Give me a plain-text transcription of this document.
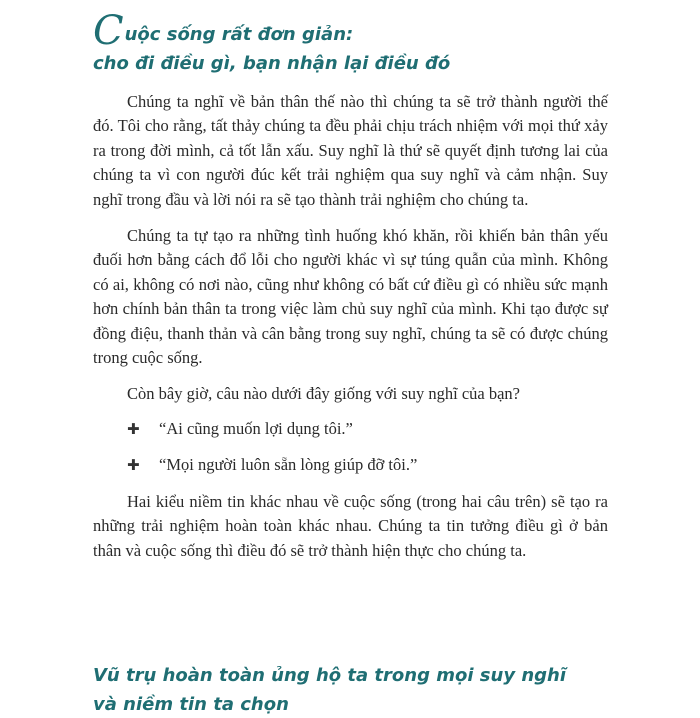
C uộc sống rất đơn giản:
cho đi điều gì, bạn nhận lại điều đó

Chúng ta nghĩ về bản thân thế nào thì chúng ta sẽ trở thành người thế đó. Tôi cho rằng, tất thảy chúng ta đều phải chịu trách nhiệm với mọi thứ xảy ra trong đời mình, cả tốt lẫn xấu. Suy nghĩ là thứ sẽ quyết định tương lai của chúng ta vì con người đúc kết trải nghiệm qua suy nghĩ và cảm nhận. Suy nghĩ trong đầu và lời nói ra sẽ tạo thành trải nghiệm cho chúng ta.

Chúng ta tự tạo ra những tình huống khó khăn, rồi khiến bản thân yếu đuối hơn bằng cách đổ lỗi cho người khác vì sự túng quẫn của mình. Không có ai, không có nơi nào, cũng như không có bất cứ điều gì có nhiều sức mạnh hơn chính bản thân ta trong việc làm chủ suy nghĩ của mình. Khi tạo được sự đồng điệu, thanh thản và cân bằng trong suy nghĩ, chúng ta sẽ có được chúng trong cuộc sống.

Còn bây giờ, câu nào dưới đây giống với suy nghĩ của bạn?

✚	“Ai cũng muốn lợi dụng tôi.”
✚	“Mọi người luôn sẵn lòng giúp đỡ tôi.”

Hai kiểu niềm tin khác nhau về cuộc sống (trong hai câu trên) sẽ tạo ra những trải nghiệm hoàn toàn khác nhau. Chúng ta tin tưởng điều gì ở bản thân và cuộc sống thì điều đó sẽ trở thành hiện thực cho chúng ta.

Vũ trụ hoàn toàn ủng hộ ta trong mọi suy nghĩ
và niềm tin ta chọn
